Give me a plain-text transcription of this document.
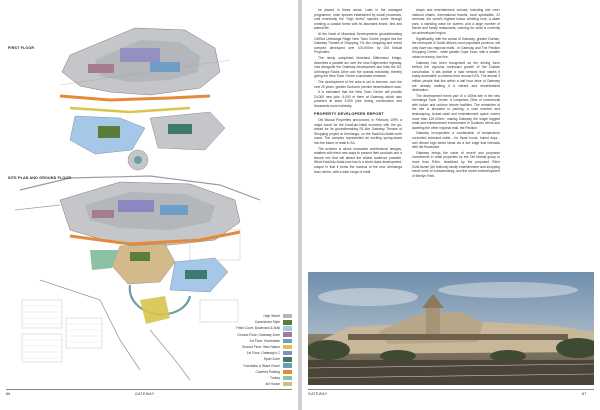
FIRST FLOOR
SITE PLAN AND GROUND FLOOR
High Street
Caversham Style
Palm Court: Boulevard & MAll
Ground Floor: Gateway Zone
1st Floor: Homebase
Ground Floor: Wav Nation
1st Floor: Gateway's C
Sport Zone
Fountains & Wave Rover
Covered Parking
Turkey
Art House
86	GATEWAY

be placed in these areas. Later in the managed programme, other species established by social processes, until eventually the "high forest" species come through creating a coastal forest with its abundant insect, bird and animal life.

At the heart of Moreland Developments groundbreaking 1400ha Umhlanga Ridge New Town Centre project lies the Gateway Theatre of Shopping, R1.4bn shopping and mixed complex developed over 100,000m² by Old Mutual Properties.

The newly completed Moreland Millennium bridge, describes a parable arc over the new Edgecombe highway, now alongside the Gateway development and links the N2, Umhlanga Rocks Drive and the coastal motorway, thereby giving the New Town Centre a landmark entrance.

The development of the area is set to become, over the next 20 years, greater Durban's premier decentralised node.

It is estimated that the New Town Centre will provide 24,000 new jobs. 5,000 of them at Gateway, which also provided at least 3,000 jobs during construction and thousands more indirectly.

PROPERTY DEVELOPERS REPORT

Old Mutual Properties announced, in February 1999, a major boost for the KwaZulu-Natal economy with the go-ahead for its groundbreaking R1.4bn Gateway Theatre of Shopping project at Umhlanga, on the KwaZulu-Natal north coast. The complex represented an exciting spring-board into the future of retail in SA.

The scheme is about innovative architectural designs, retailers with fresh new ways to present their products and a leisure mix that will attract the widest audience possible. What KwaZulu-Natal now has is a world class development, unique in that it forms the nucleus of the new Umhlanga town centre, with a wide range of retail

shops and entertainment venues, including wet rover national chains, international brands, local specialists, 22 cinemas, the world's highest indoor climbing rock, a skate park, a standing wave for surfers, and a large number of theme and family restaurants, catering for what is currently an undeveloped region.

Significantly, with the arrival of Gateway, greater Durban, the metropole in South Africa's most populated province, will only have two regional malls - in Gateway and The Pavilion Shopping Centre - while greater Cape Town, with a smaller urban economy, has five.

Gateway has been recognised as the driving force behind the vigorous northward growth of the Durban conurbation. It sits astride a road network that makes it easily accessible to citizens from around KZN. The almost 3 million people that live within a half hour drive of Gateway are already making it a vibrant and decentralised destination.

The development forms part of a 160ha site in the new Umhlanga Town Centre. It comprises 20ha of commercial with indoor and outdoor leisure facilities. The remainder of the site is allocated to parking, a road network and landscaping. Actual retail and entertainment space covers more than 120,000m², making Gateway the single biggest retail and entertainment environment in Southern Africa and dwarfing the other regional mall, the Pavilion.

Gateway incorporates a combination of temperature controlled enclosed malls - for those hunts, humid days - and vibrant high street ideas via a live edge that interacts with the Boulevard.

Gateway brings the value of recent and proposed investments in retail properties by the Old Mutual group to more than R4bn, headlined by the proposed R4bn Zonk'izizwe (Air Nations) family entertainment and shopping resort north of Johannesburg, and the recent redevelopment of Menlyn Park.

GATEWAY	87
